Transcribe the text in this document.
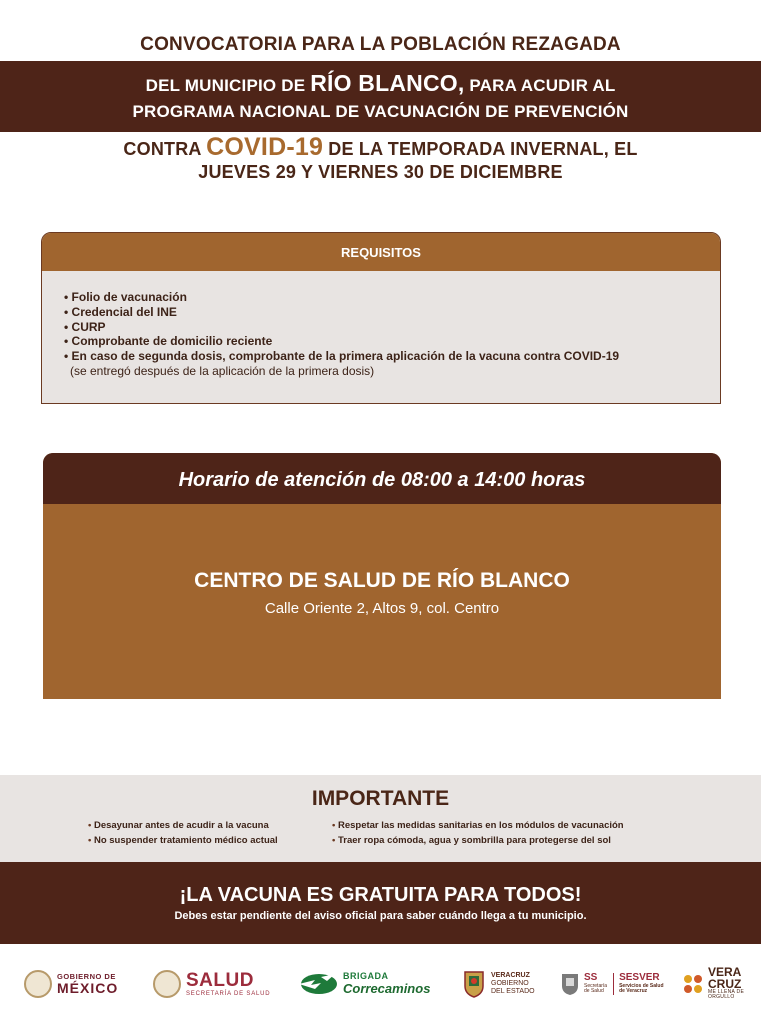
CONVOCATORIA PARA LA POBLACIÓN REZAGADA
DEL MUNICIPIO DE RÍO BLANCO, PARA ACUDIR AL
PROGRAMA NACIONAL DE VACUNACIÓN DE PREVENCIÓN
CONTRA COVID-19 DE LA TEMPORADA INVERNAL, EL
JUEVES 29 Y VIERNES 30 DE DICIEMBRE
REQUISITOS
• Folio de vacunación
• Credencial del INE
• CURP
• Comprobante de domicilio reciente
• En caso de segunda dosis, comprobante de la primera aplicación de la vacuna contra COVID-19
(se entregó después de la aplicación de la primera dosis)
Horario de atención de 08:00 a 14:00 horas
CENTRO DE SALUD DE RÍO BLANCO
Calle Oriente 2, Altos 9, col. Centro
IMPORTANTE
• Desayunar antes de acudir a la vacuna
• No suspender tratamiento médico actual
• Respetar las medidas sanitarias en los módulos de vacunación
• Traer ropa cómoda, agua y sombrilla para protegerse del sol
¡LA VACUNA ES GRATUITA PARA TODOS!
Debes estar pendiente del aviso oficial para saber cuándo llega a tu municipio.
GOBIERNO DE
MÉXICO	SALUD
SECRETARÍA DE SALUD
BRIGADA
Correcaminos
VERACRUZ
GOBIERNO
DEL ESTADO
SS
Secretaría
de Salud
SESVER
Servicios de Salud
de Veracruz
VERA
CRUZ
ME LLENA DE ORGULLO
